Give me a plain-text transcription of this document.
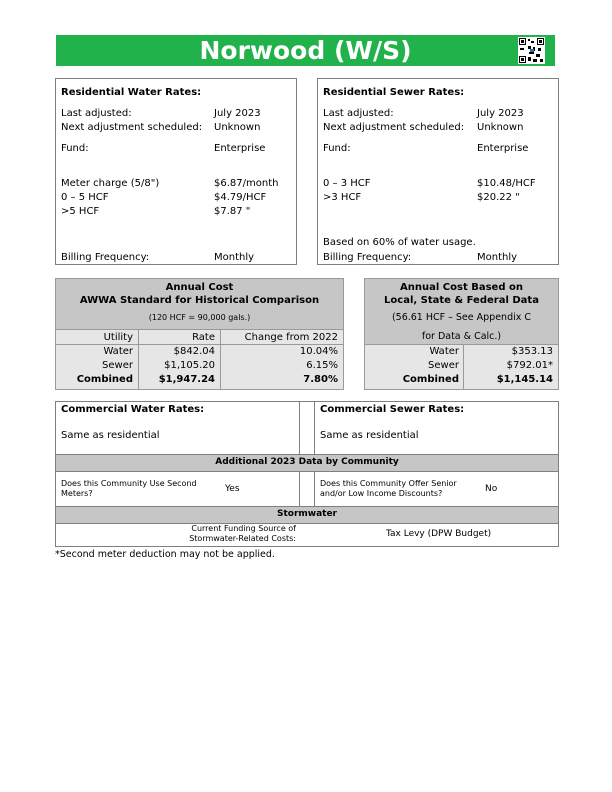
Norwood (W/S)
Residential Water Rates:
Last adjusted:	July 2023
Next adjustment scheduled: Unknown
Fund:	Enterprise
Meter charge (5/8")	$6.87/month
0 – 5 HCF	$4.79/HCF
>5 HCF	$7.87 "
Billing Frequency:	Monthly
Residential Sewer Rates:
Last adjusted:	July 2023
Next adjustment scheduled: Unknown
Fund:	Enterprise
0 – 3 HCF	$10.48/HCF
>3 HCF	$20.22 "
Based on 60% of water usage.
Billing Frequency:	Monthly
Annual Cost
AWWA Standard for Historical Comparison
(120 HCF = 90,000 gals.)
Utility	Rate	Change from 2022
Water	$842.04	10.04%
Sewer	$1,105.20	6.15%
Combined	$1,947.24	7.80%
Annual Cost Based on
Local, State & Federal Data
(56.61 HCF – See Appendix C
for Data & Calc.)
Water	$353.13
Sewer	$792.01*
Combined	$1,145.14
Commercial Water Rates:
Same as residential
Commercial Sewer Rates:
Same as residential
Additional 2023 Data by Community
Does this Community Use Second Meters?	Yes
Does this Community Offer Senior and/or Low Income Discounts?	No
Stormwater
Current Funding Source of Stormwater-Related Costs:	Tax Levy (DPW Budget)
*Second meter deduction may not be applied.
